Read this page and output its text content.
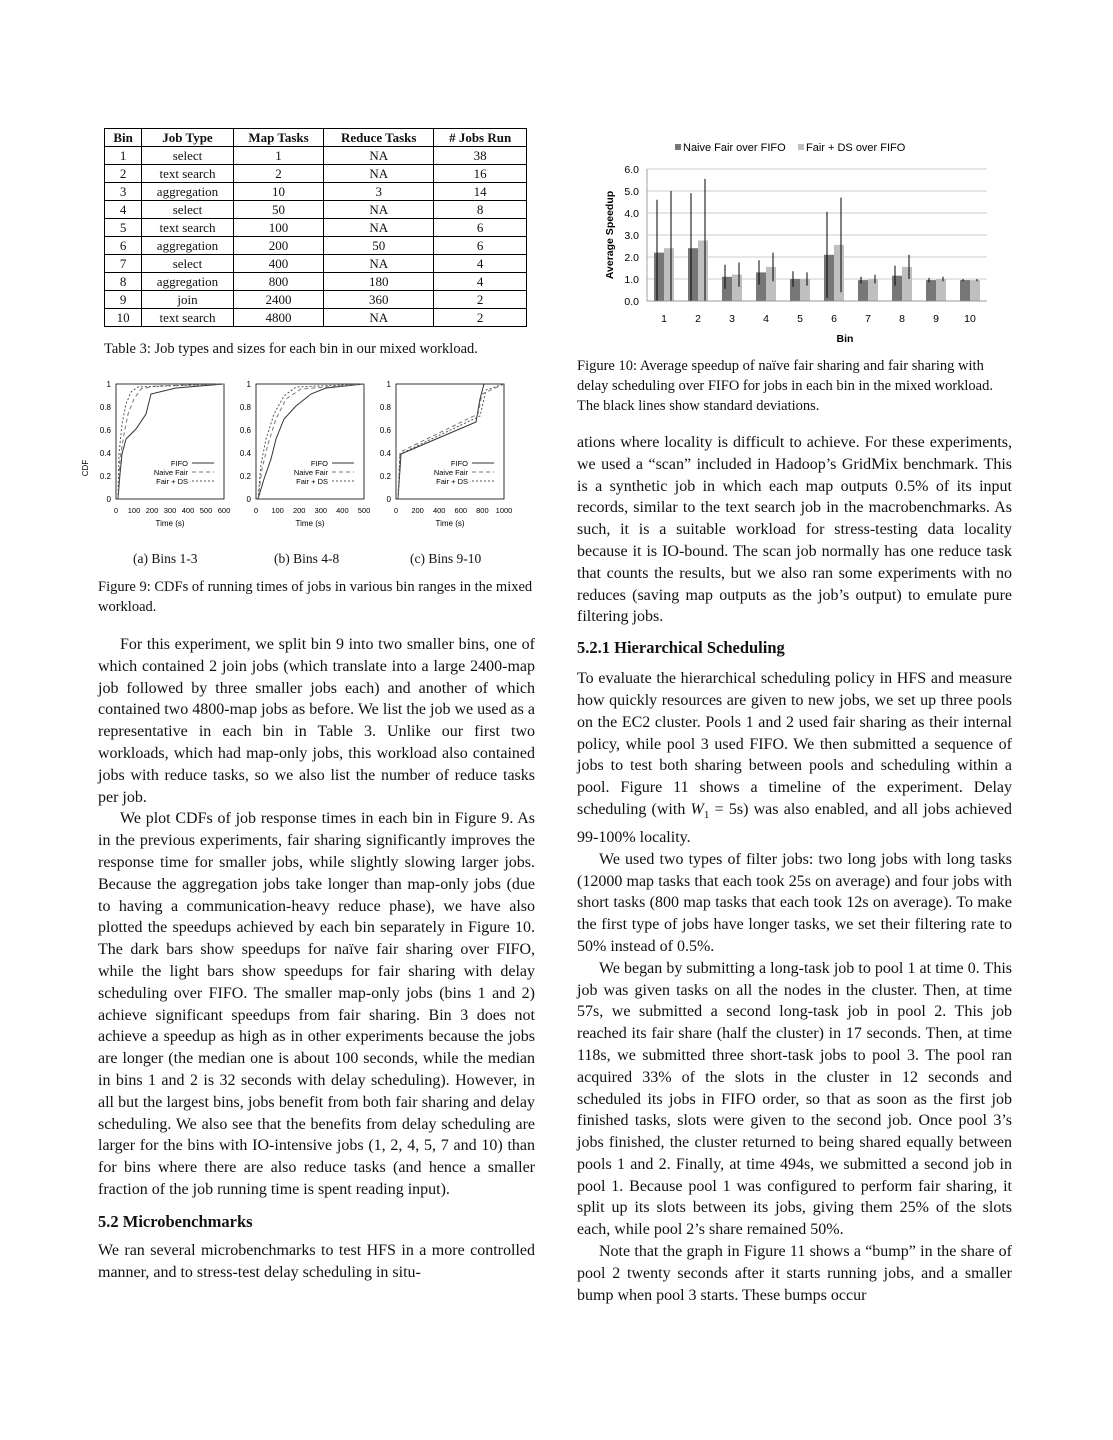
Bin	Job Type	Map Tasks	Reduce Tasks	# Jobs Run
1	select	1	NA	38
2	text search	2	NA	16
3	aggregation	10	3	14
4	select	50	NA	8
5	text search	100	NA	6
6	aggregation	200	50	6
7	select	400	NA	4
8	aggregation	800	180	4
9	join	2400	360	2
10	text search	4800	NA	2
Table 3: Job types and sizes for each bin in our mixed workload.
CDF
0
0.2
0.4
0.6
0.8
1
0 100 200 300 400 500 600
Time (s)
FIFO
Naive Fair
Fair + DS
0
0.2
0.4
0.6
0.8
1
0 100 200 300 400 500
Time (s)
FIFO
Naive Fair
Fair + DS
0
0.2
0.4
0.6
0.8
1
0 200 400 600 800 1000
Time (s)
FIFO
Naive Fair
Fair + DS
(a) Bins 1-3	(b) Bins 4-8	(c) Bins 9-10
Figure 9: CDFs of running times of jobs in various bin ranges in the mixed workload.

For this experiment, we split bin 9 into two smaller bins, one of which contained 2 join jobs (which translate into a large 2400-map job followed by three smaller jobs each) and another of which contained two 4800-map jobs as before. We list the job we used as a representative in each bin in Table 3. Unlike our first two workloads, which had map-only jobs, this workload also contained jobs with reduce tasks, so we also list the number of reduce tasks per job.

We plot CDFs of job response times in each bin in Figure 9. As in the previous experiments, fair sharing significantly improves the response time for smaller jobs, while slightly slowing larger jobs. Because the aggregation jobs take longer than map-only jobs (due to having a communication-heavy reduce phase), we have also plotted the speedups achieved by each bin separately in Figure 10. The dark bars show speedups for naïve fair sharing over FIFO, while the light bars show speedups for fair sharing with delay scheduling over FIFO. The smaller map-only jobs (bins 1 and 2) achieve significant speedups from fair sharing. Bin 3 does not achieve a speedup as high as in other experiments because the jobs are longer (the median one is about 100 seconds, while the median in bins 1 and 2 is 32 seconds with delay scheduling). However, in all but the largest bins, jobs benefit from both fair sharing and delay scheduling. We also see that the benefits from delay scheduling are larger for the bins with IO-intensive jobs (1, 2, 4, 5, 7 and 10) than for bins where there are also reduce tasks (and hence a smaller fraction of the job running time is spent reading input).

5.2 Microbenchmarks

We ran several microbenchmarks to test HFS in a more controlled manner, and to stress-test delay scheduling in situ-

Naive Fair over FIFO Fair + DS over FIFO
Average Speedup
Bin
0.0
1.0
2.0
3.0
4.0
5.0
6.0
1	2	3	4	5	6	7	8	9 10
Figure 10: Average speedup of naïve fair sharing and fair sharing with delay scheduling over FIFO for jobs in each bin in the mixed workload. The black lines show standard deviations.

ations where locality is difficult to achieve. For these experiments, we used a “scan” included in Hadoop’s GridMix benchmark. This is a synthetic job in which each map outputs 0.5% of its input records, similar to the text search job in the macrobenchmarks. As such, it is a suitable workload for stress-testing data locality because it is IO-bound. The scan job normally has one reduce task that counts the results, but we also ran some experiments with no reduces (saving map outputs as the job’s output) to emulate pure filtering jobs.

5.2.1 Hierarchical Scheduling

To evaluate the hierarchical scheduling policy in HFS and measure how quickly resources are given to new jobs, we set up three pools on the EC2 cluster. Pools 1 and 2 used fair sharing as their internal policy, while pool 3 used FIFO. We then submitted a sequence of jobs to test both sharing between pools and scheduling within a pool. Figure 11 shows a timeline of the experiment. Delay scheduling (with $W_1 = 5s$) was also enabled, and all jobs achieved 99-100% locality.

We used two types of filter jobs: two long jobs with long tasks (12000 map tasks that each took 25s on average) and four jobs with short tasks (800 map tasks that each took 12s on average). To make the first type of jobs have longer tasks, we set their filtering rate to 50% instead of 0.5%.

We began by submitting a long-task job to pool 1 at time 0. This job was given tasks on all the nodes in the cluster. Then, at time 57s, we submitted a second long-task job in pool 2. This job reached its fair share (half the cluster) in 17 seconds. Then, at time 118s, we submitted three short-task jobs to pool 3. The pool ran acquired 33% of the slots in the cluster in 12 seconds and scheduled its jobs in FIFO order, so that as soon as the first job finished tasks, slots were given to the second job. Once pool 3’s jobs finished, the cluster returned to being shared equally between pools 1 and 2. Finally, at time 494s, we submitted a second job in pool 1. Because pool 1 was configured to perform fair sharing, it split up its slots between its jobs, giving them 25% of the slots each, while pool 2’s share remained 50%.

Note that the graph in Figure 11 shows a “bump” in the share of pool 2 twenty seconds after it starts running jobs, and a smaller bump when pool 3 starts. These bumps occur
